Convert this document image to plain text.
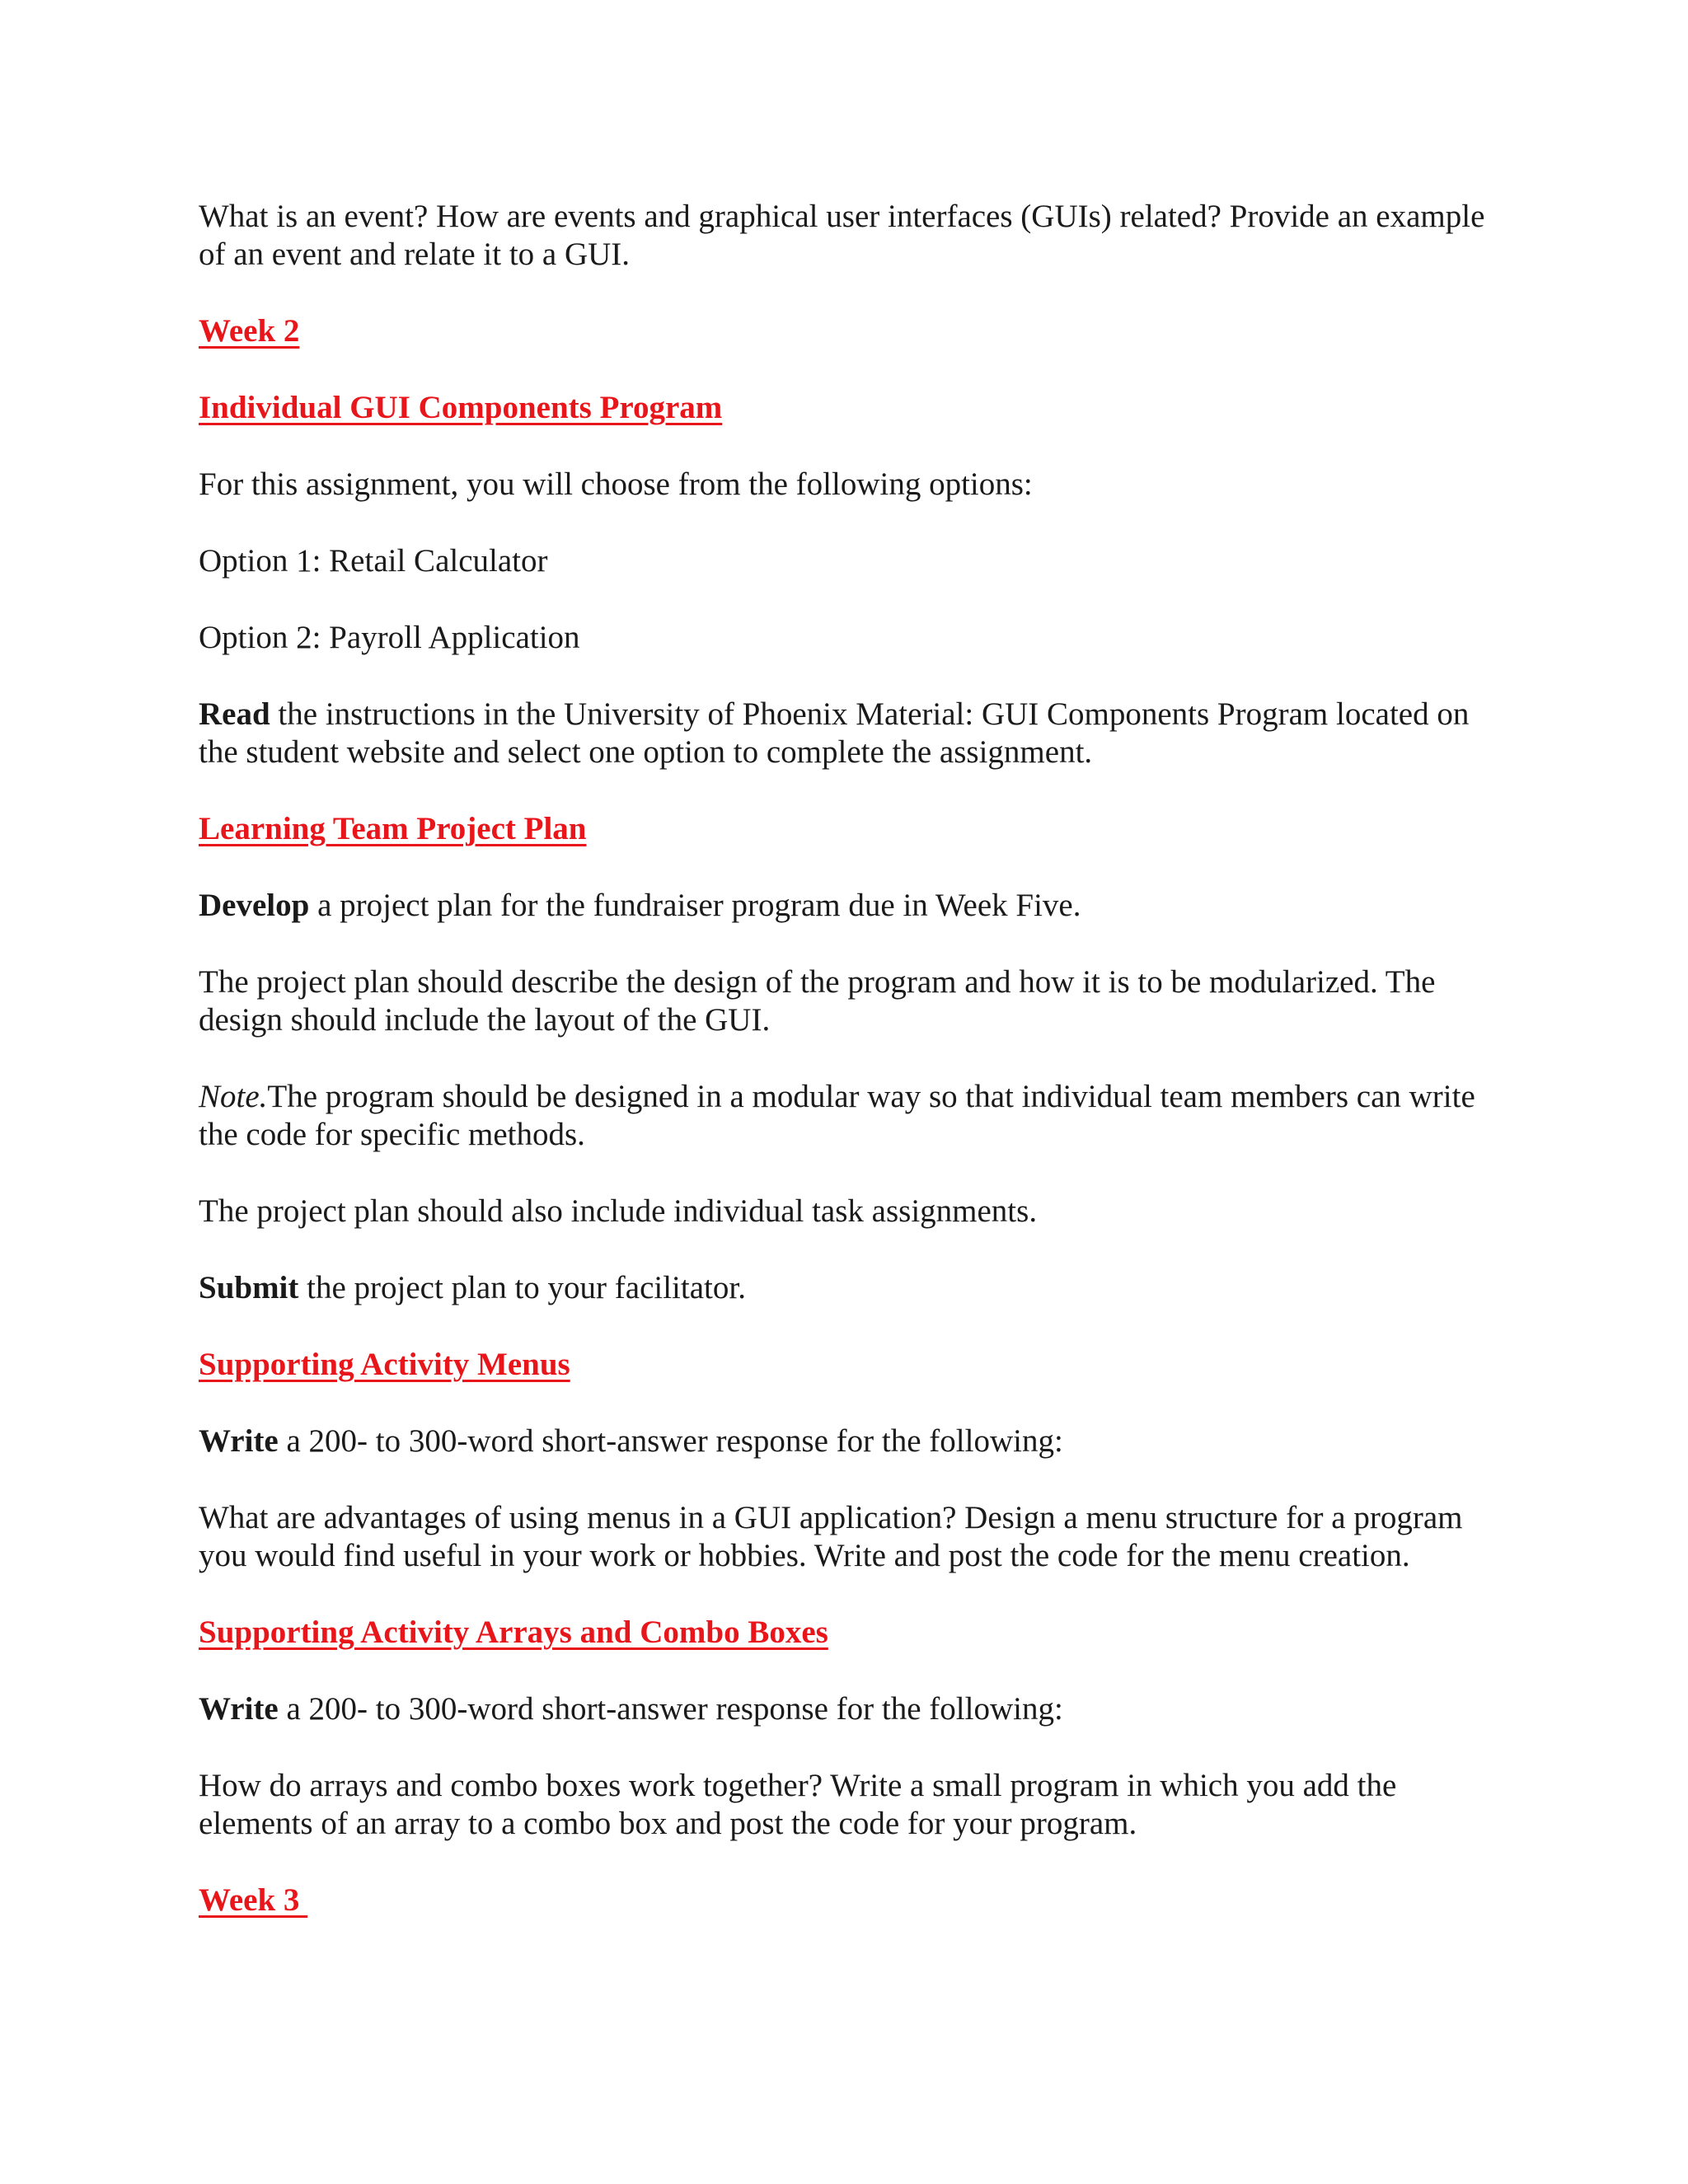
What is an event? How are events and graphical user interfaces (GUIs) related? Provide an example of an event and relate it to a GUI.

Week 2

Individual GUI Components Program

For this assignment, you will choose from the following options:

Option 1: Retail Calculator

Option 2: Payroll Application

Read the instructions in the University of Phoenix Material: GUI Components Program located on the student website and select one option to complete the assignment.

Learning Team Project Plan

Develop a project plan for the fundraiser program due in Week Five.

The project plan should describe the design of the program and how it is to be modularized. The design should include the layout of the GUI.

Note.The program should be designed in a modular way so that individual team members can write the code for specific methods.

The project plan should also include individual task assignments.

Submit the project plan to your facilitator.

Supporting Activity Menus

Write a 200- to 300-word short-answer response for the following:

What are advantages of using menus in a GUI application? Design a menu structure for a program you would find useful in your work or hobbies. Write and post the code for the menu creation.

Supporting Activity Arrays and Combo Boxes

Write a 200- to 300-word short-answer response for the following:

How do arrays and combo boxes work together? Write a small program in which you add the elements of an array to a combo box and post the code for your program.

Week 3
